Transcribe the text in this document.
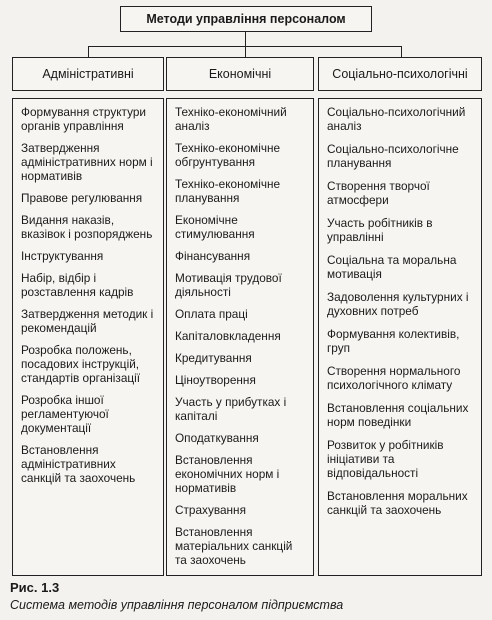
Методи управління персоналом
Адміністративні	Економічні	Соціально-психологічні
Формування структури органів управління
Затвердження адміністративних норм і нормативів
Правове регулювання
Видання наказів, вказівок і розпоряджень
Інструктування
Набір, відбір і розставлення кадрів
Затвердження методик і рекомендацій
Розробка положень, посадових інструкцій, стандартів організації
Розробка іншої регламентуючої документації
Встановлення адміністративних санкцій та заохочень
Техніко-економічний аналіз
Техніко-економічне обгрунтування
Техніко-економічне планування
Економічне стимулювання
Фінансування
Мотивація трудової діяльності
Оплата праці
Капіталовкладення
Кредитування
Ціноутворення
Участь у прибутках і капіталі
Оподаткування
Встановлення економічних норм і нормативів
Страхування
Встановлення матеріальних санкцій та заохочень
Соціально-психологічний аналіз
Соціально-психологічне планування
Створення творчої атмосфери
Участь робітників в управлінні
Соціальна та моральна мотивація
Задоволення культурних і духовних потреб
Формування колективів, груп
Створення нормального психологічного клімату
Встановлення соціальних норм поведінки
Розвиток у робітників ініціативи та відповідальності
Встановлення моральних санкцій та заохочень
Рис. 1.3
Система методів управління персоналом підприємства
